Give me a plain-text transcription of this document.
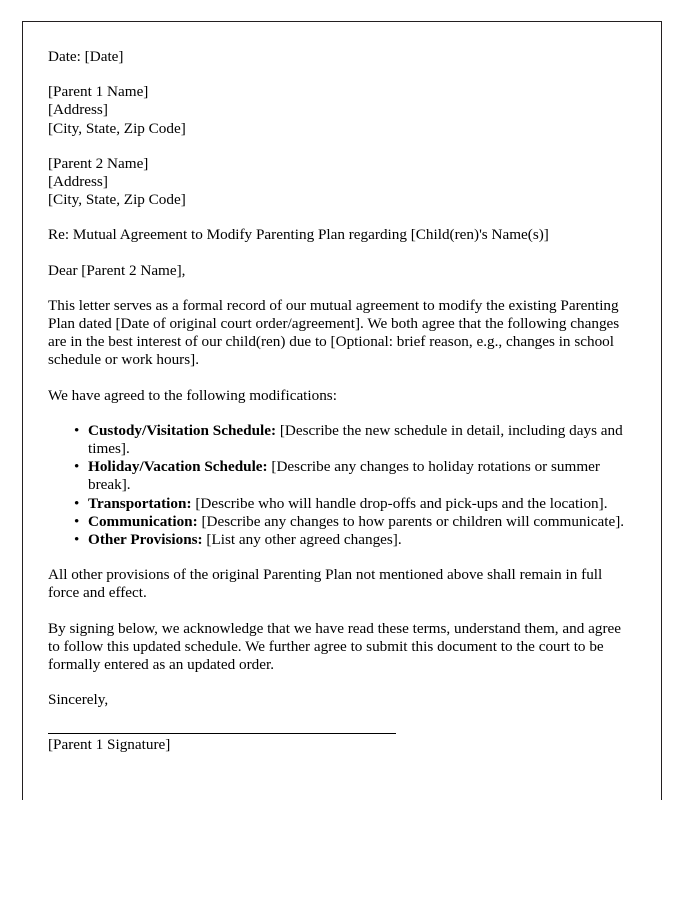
Date: [Date]
[Parent 1 Name]
[Address]
[City, State, Zip Code]
[Parent 2 Name]
[Address]
[City, State, Zip Code]

Re: Mutual Agreement to Modify Parenting Plan regarding [Child(ren)'s Name(s)]

Dear [Parent 2 Name],

This letter serves as a formal record of our mutual agreement to modify the existing Parenting Plan dated [Date of original court order/agreement]. We both agree that the following changes are in the best interest of our child(ren) due to [Optional: brief reason, e.g., changes in school schedule or work hours].

We have agreed to the following modifications:

• Custody/Visitation Schedule: [Describe the new schedule in detail, including days and times].
• Holiday/Vacation Schedule: [Describe any changes to holiday rotations or summer break].
• Transportation: [Describe who will handle drop-offs and pick-ups and the location].
• Communication: [Describe any changes to how parents or children will communicate].
• Other Provisions: [List any other agreed changes].

All other provisions of the original Parenting Plan not mentioned above shall remain in full force and effect.

By signing below, we acknowledge that we have read these terms, understand them, and agree to follow this updated schedule. We further agree to submit this document to the court to be formally entered as an updated order.

Sincerely,

[Parent 1 Signature]
